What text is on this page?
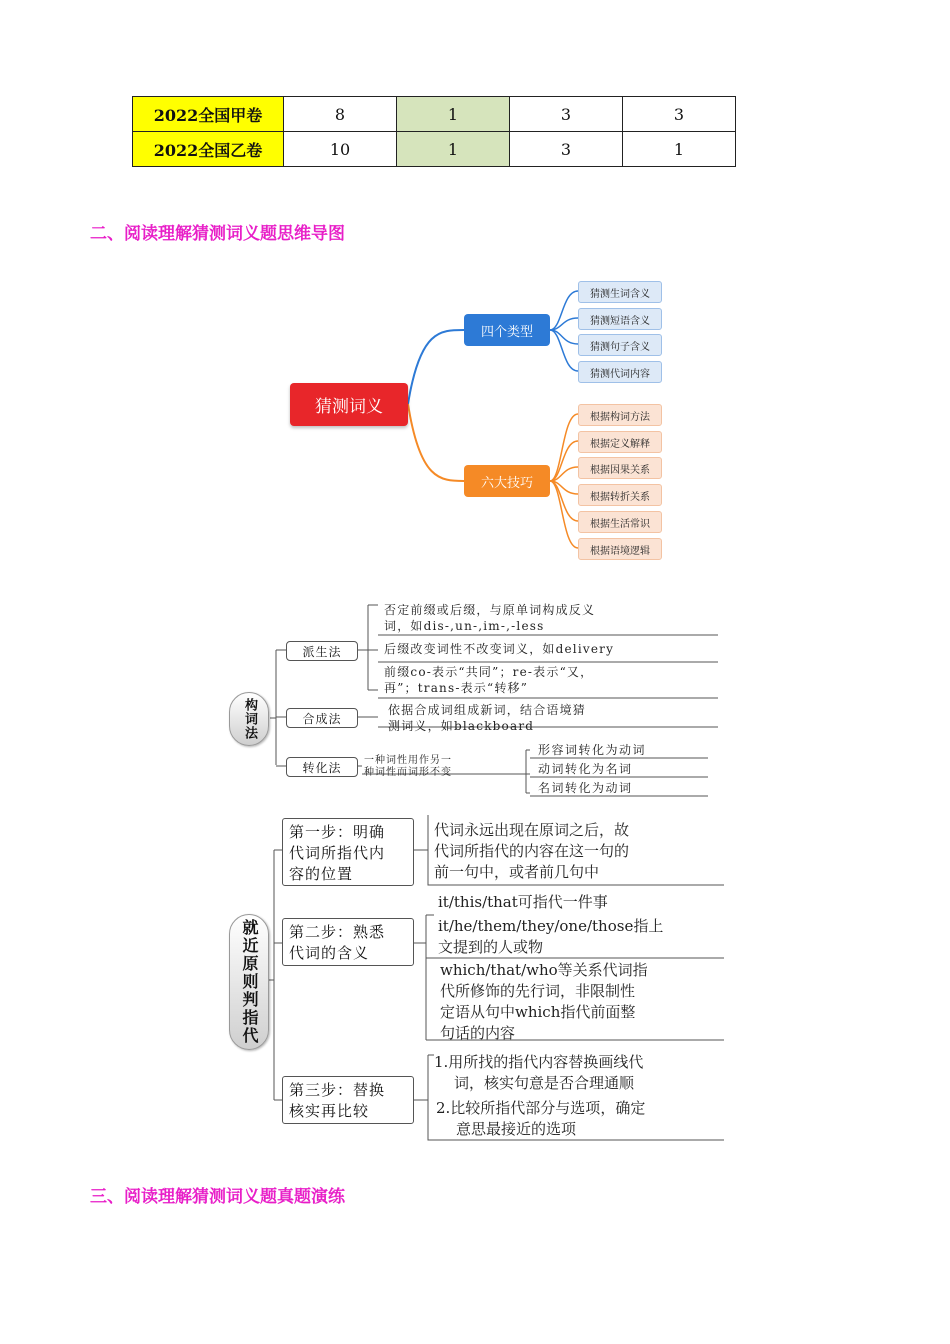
2022全国甲卷	8	1	3	3
2022全国乙卷	10	1	3	1
二、阅读理解猜测词义题思维导图
猜测词义
四个类型
六大技巧
猜测生词含义
猜测短语含义
猜测句子含义
猜测代词内容
根据构词方法
根据定义解释
根据因果关系
根据转折关系
根据生活常识
根据语境逻辑
构词法
派生法
合成法
转化法
否定前缀或后缀，与原单词构成反义
词，如dis-,un-,im-,-less
后缀改变词性不改变词义，如delivery
前缀co-表示“共同”；re-表示“又，
再”；trans-表示“转移”
依据合成词组成新词，结合语境猜
测词义，如blackboard
一种词性用作另一
种词性而词形不变
形容词转化为动词
动词转化为名词
名词转化为动词
就近原则判指代
第一步：明确
代词所指代内
容的位置
第二步：熟悉
代词的含义
第三步：替换
核实再比较
代词永远出现在原词之后，故
代词所指代的内容在这一句的
前一句中，或者前几句中
it/this/that可指代一件事
it/he/them/they/one/those指上
文提到的人或物
which/that/who等关系代词指
代所修饰的先行词，非限制性
定语从句中which指代前面整
句话的内容
1.用所找的指代内容替换画线代
词，核实句意是否合理通顺
2.比较所指代部分与选项，确定
意思最接近的选项
三、阅读理解猜测词义题真题演练
